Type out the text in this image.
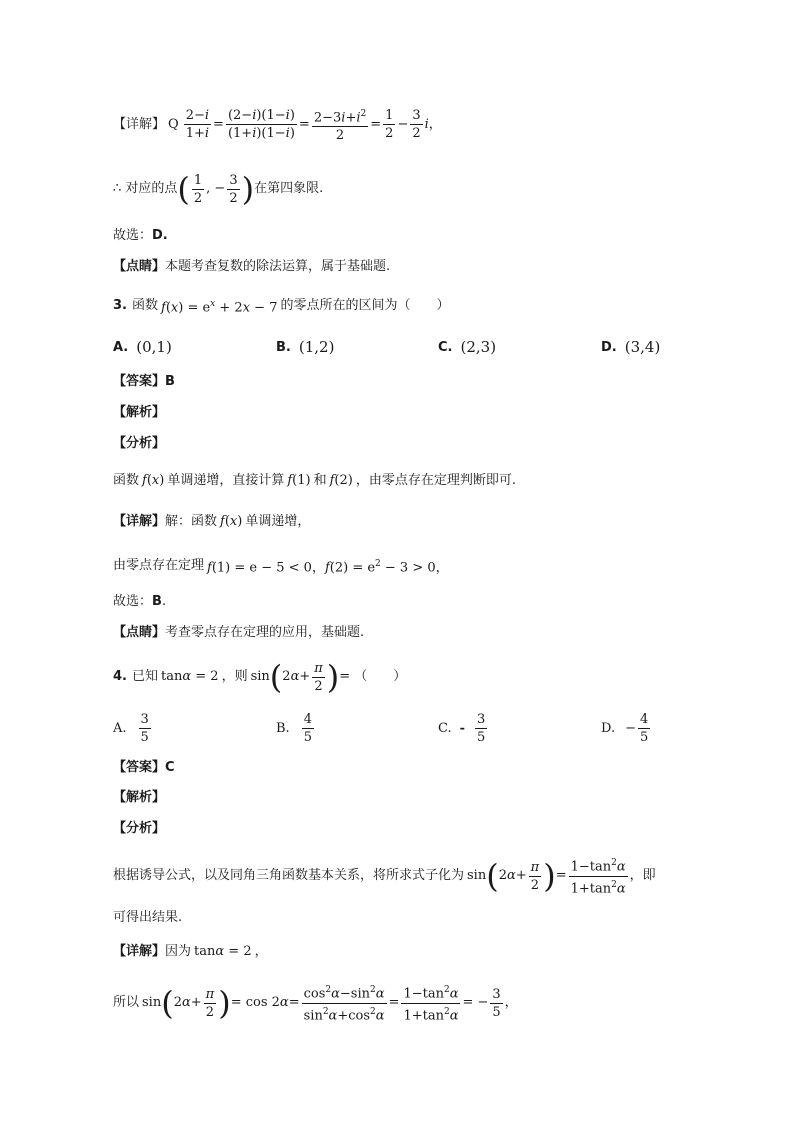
【详解】 Q $\frac{2-i}{1+i} = \frac{(2-i)(1-i)}{(1+i)(1-i)} = \frac{2-3i+i^2}{2} = \frac{1}{2} - \frac{3}{2}$ i ，
∴ 对应的点 ( $\frac{1}{2}$ , − $\frac{3}{2}$ ) 在第四象限.
故选： D.
【点睛】 本题考查复数的除法运算，属于基础题.
3. 函数 $f(x) = e^x + 2x - 7$ 的零点所在的区间为（　　）
A. (0,1)	B. (1,2)	C. (2,3)	D. (3,4)
【答案】 B
【解析】
【分析】
函数 f(x) 单调递增，直接计算 f(1) 和 f(2) ，由零点存在定理判断即可.
【详解】 解：函数 f(x) 单调递增，
由零点存在定理 f(1) = e − 5 < 0，$f(2) = e^2 - 3 > 0$，
故选： B .
【点睛】 考查零点存在定理的应用，基础题.
4. 已知 tanα = 2 ，则 sin ( 2 $\alpha + \frac{\pi}{2}$ ) = （　　）
A. $\frac{3}{5}$	B. $\frac{4}{5}$	C. - $\frac{3}{5}$	D. − $\frac{4}{5}$
【答案】 C
【解析】
【分析】
根据诱导公式，以及同角三角函数基本关系，将所求式子化为 sin ( 2 $\alpha + \frac{\pi}{2}$ ) = $\frac{1-\tan^2\alpha}{1+\tan^2\alpha}$ ，即
可得出结果.
【详解】 因为 tanα = 2 ，
所以 sin ( 2 $\alpha + \frac{\pi}{2}$ ) = cos 2 $\alpha = \frac{\cos^2\alpha-\sin^2\alpha}{\sin^2\alpha+\cos^2\alpha} = \frac{1-\tan^2\alpha}{1+\tan^2\alpha}$ = − $\frac{3}{5}$ ，
